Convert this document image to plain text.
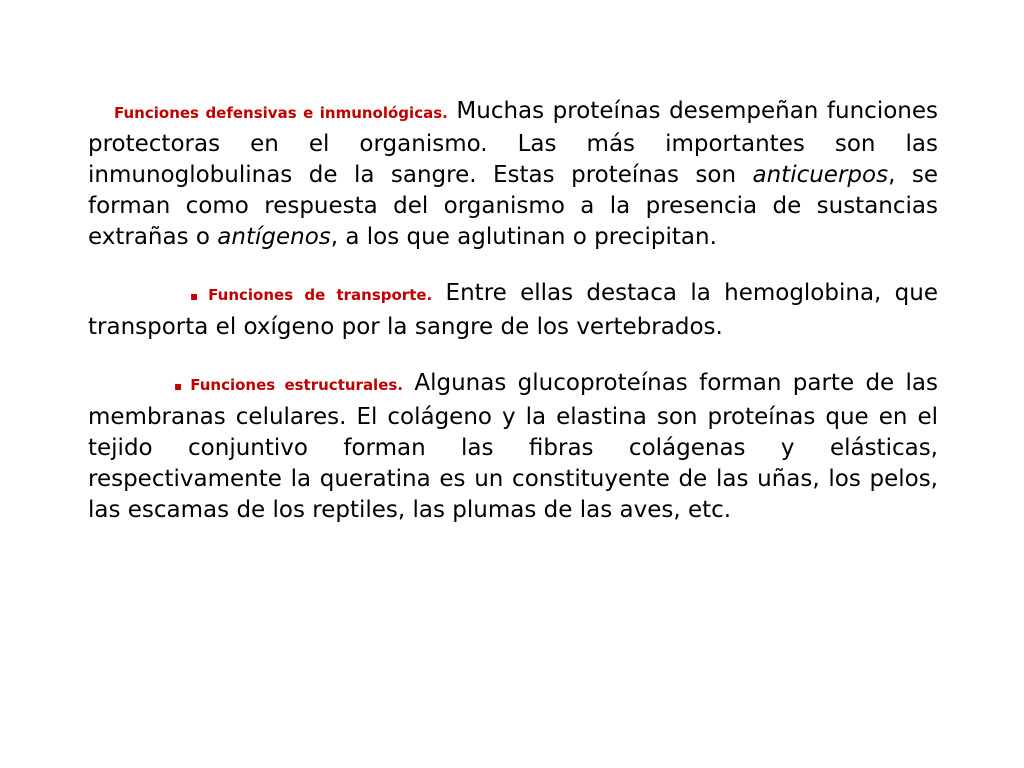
Funciones defensivas e inmunológicas. Muchas proteínas desempeñan funciones protectoras en el organismo. Las más importantes son las inmunoglobulinas de la sangre. Estas proteínas son anticuerpos, se forman como respuesta del organismo a la presencia de sustancias extrañas o antígenos, a los que aglutinan o precipitan.

▪ Funciones de transporte. Entre ellas destaca la hemoglobina, que transporta el oxígeno por la sangre de los vertebrados.

▪ Funciones estructurales. Algunas glucoproteínas forman parte de las membranas celulares. El colágeno y la elastina son proteínas que en el tejido conjuntivo forman las fibras colágenas y elásticas, respectivamente la queratina es un constituyente de las uñas, los pelos, las escamas de los reptiles, las plumas de las aves, etc.
